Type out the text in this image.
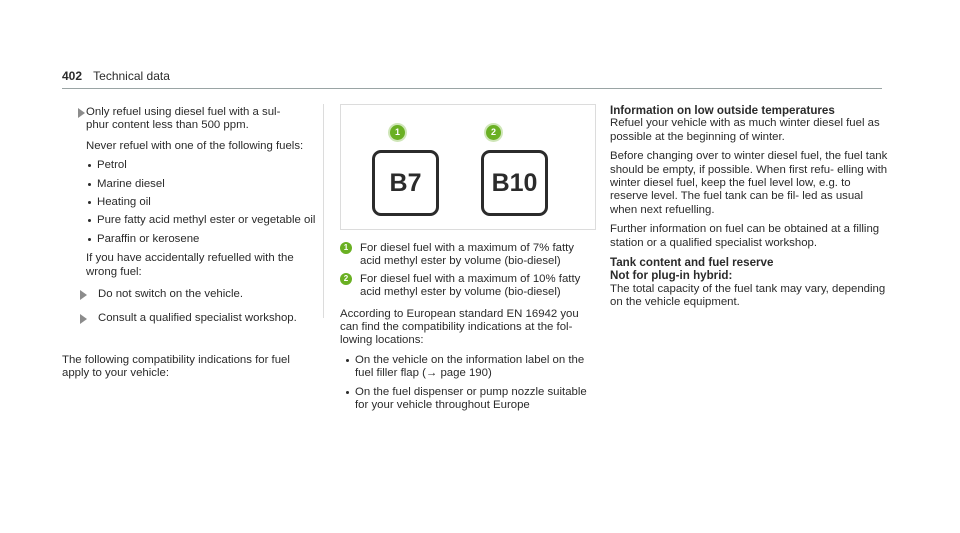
402 Technical data
Only refuel using diesel fuel with a sul-
phur content less than 500 ppm.

Never refuel with one of the following fuels:

Petrol
Marine diesel
Heating oil
Pure fatty acid methyl ester or vegetable oil
Paraffin or kerosene

If you have accidentally refuelled with the wrong fuel:

Do not switch on the vehicle.
Consult a qualified specialist workshop.

The following compatibility indications for fuel apply to your vehicle:

1
B7
2
B10
1	For diesel fuel with a maximum of 7% fatty acid methyl ester by volume (bio-diesel)
2	For diesel fuel with a maximum of 10% fatty acid methyl ester by volume (bio-diesel)

According to European standard EN 16942 you can find the compatibility indications at the fol- lowing locations:

On the vehicle on the information label on the fuel filler flap (→ page 190)
On the fuel dispenser or pump nozzle suitable for your vehicle throughout Europe
Information on low outside temperatures

Refuel your vehicle with as much winter diesel fuel as possible at the beginning of winter.

Before changing over to winter diesel fuel, the fuel tank should be empty, if possible. When first refu- elling with winter diesel fuel, keep the fuel level low, e.g. to reserve level. The fuel tank can be fil- led as usual when next refuelling.

Further information on fuel can be obtained at a filling station or a qualified specialist workshop.

Tank content and fuel reserve
Not for plug-in hybrid:

The total capacity of the fuel tank may vary, depending on the vehicle equipment.
